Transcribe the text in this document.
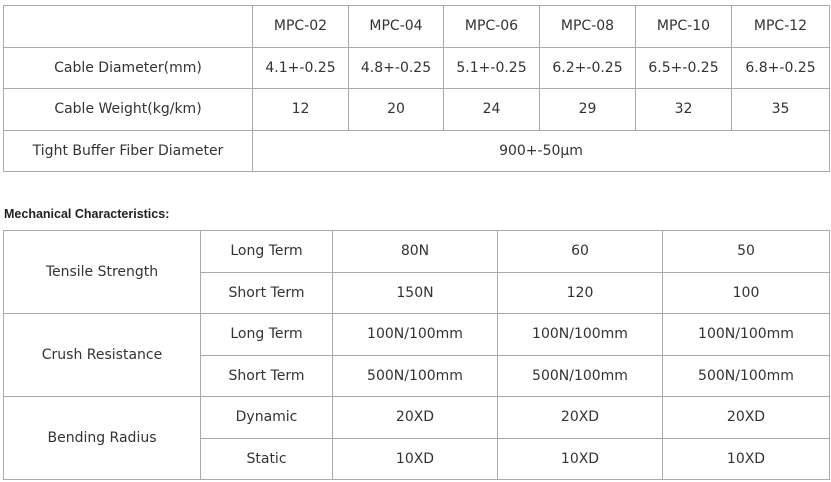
	MPC-02	MPC-04	MPC-06	MPC-08	MPC-10	MPC-12
Cable Diameter(mm)	4.1+-0.25	4.8+-0.25	5.1+-0.25	6.2+-0.25	6.5+-0.25	6.8+-0.25
Cable Weight(kg/km)	12	20	24	29	32	35
Tight Buffer Fiber Diameter	900+-50μm					
Mechanical Characteristics:
Tensile Strength	Long Term	80N	60	50
	Short Term	150N	120	100
Crush Resistance	Long Term	100N/100mm	100N/100mm	100N/100mm
	Short Term	500N/100mm	500N/100mm	500N/100mm
Bending Radius	Dynamic	20XD	20XD	20XD
	Static	10XD	10XD	10XD
